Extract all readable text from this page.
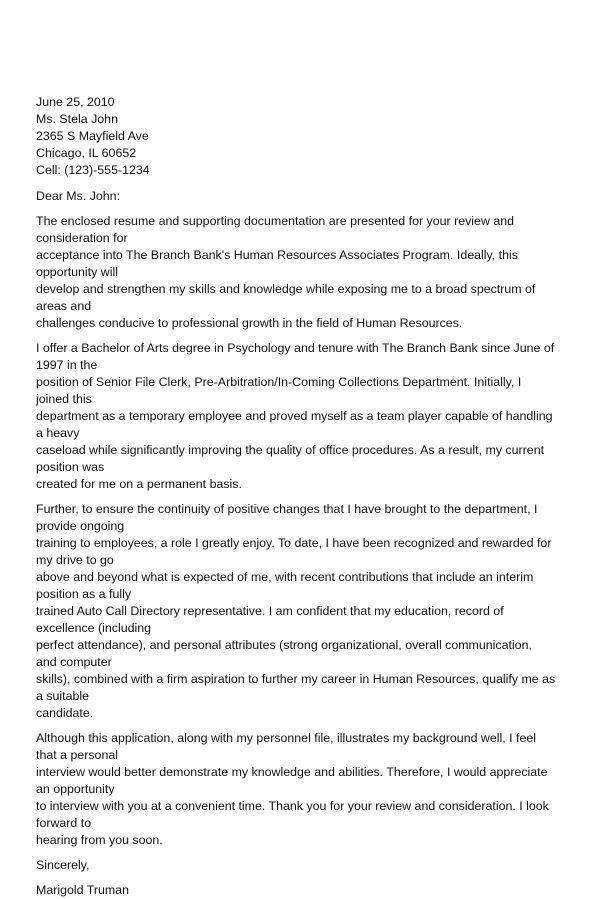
June 25, 2010
Ms. Stela John
2365 S Mayfield Ave
Chicago, IL 60652
Cell: (123)-555-1234
Dear Ms. John:

The enclosed resume and supporting documentation are presented for your review and consideration for
acceptance into The Branch Bank's Human Resources Associates Program. Ideally, this opportunity will
develop and strengthen my skills and knowledge while exposing me to a broad spectrum of areas and
challenges conducive to professional growth in the field of Human Resources.

I offer a Bachelor of Arts degree in Psychology and tenure with The Branch Bank since June of 1997 in the
position of Senior File Clerk, Pre-Arbitration/In-Coming Collections Department. Initially, I joined this
department as a temporary employee and proved myself as a team player capable of handling a heavy
caseload while significantly improving the quality of office procedures. As a result, my current position was
created for me on a permanent basis.

Further, to ensure the continuity of positive changes that I have brought to the department, I provide ongoing
training to employees, a role I greatly enjoy. To date, I have been recognized and rewarded for my drive to go
above and beyond what is expected of me, with recent contributions that include an interim position as a fully
trained Auto Call Directory representative. I am confident that my education, record of excellence (including
perfect attendance), and personal attributes (strong organizational, overall communication, and computer
skills), combined with a firm aspiration to further my career in Human Resources, qualify me as a suitable
candidate.

Although this application, along with my personnel file, illustrates my background well, I feel that a personal
interview would better demonstrate my knowledge and abilities. Therefore, I would appreciate an opportunity
to interview with you at a convenient time. Thank you for your review and consideration. I look forward to
hearing from you soon.

Sincerely,
Marigold Truman
